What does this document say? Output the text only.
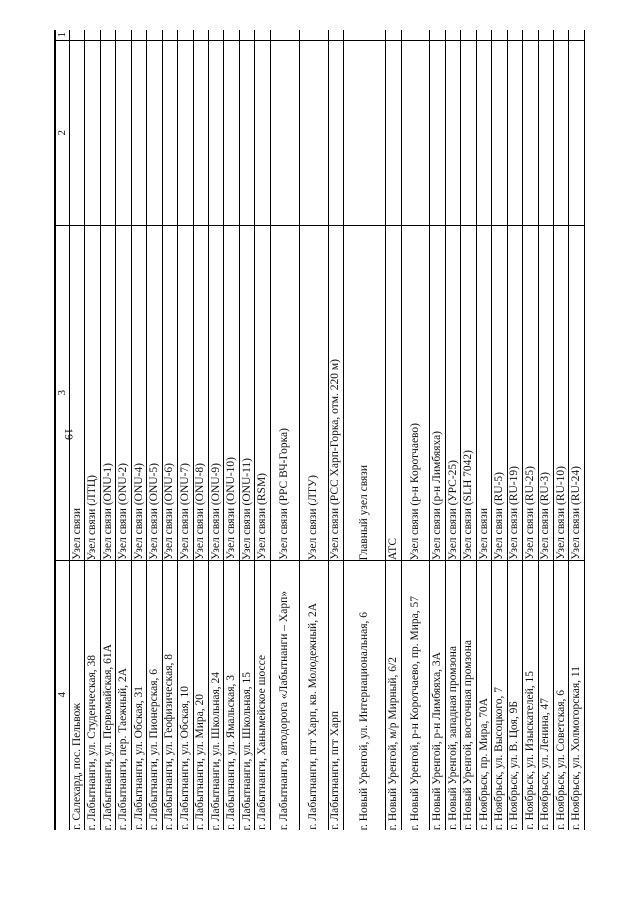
19
1
2
3
4
Узел связи
г. Салехард, пос. Пельвож
Узел связи (ЛТЦ)
г. Лабытнанги, ул. Студенческая, 38
Узел связи (ONU-1)
г. Лабытнанги, ул. Первомайская, 61А
Узел связи (ONU-2)
г. Лабытнанги, пер. Таежный, 2А
Узел связи (ONU-4)
г. Лабытнанги, ул. Обская, 31
Узел связи (ONU-5)
г. Лабытнанги, ул. Пионерская, 6
Узел связи (ONU-6)
г. Лабытнанги, ул. Геофизическая, 8
Узел связи (ONU-7)
г. Лабытнанги, ул. Обская, 10
Узел связи (ONU-8)
г. Лабытнанги, ул. Мира, 20
Узел связи (ONU-9)
г. Лабытнанги, ул. Школьная, 24
Узел связи (ONU-10)
г. Лабытнанги, ул. Ямальская, 3
Узел связи (ONU-11)
г. Лабытнанги, ул. Школьная, 15
Узел связи (RSM)
г. Лабытнанги, Ханымейское шоссе
Узел связи (РРС ВЧ-Горка)
г. Лабытнанги, автодорога «Лабытнанги – Харп»
Узел связи (ЛТУ)
г. Лабытнанги, пгт Харп, кв. Молодежный, 2А
Узел связи (РСС Харп-Горка, отм. 220 м)
г. Лабытнанги, пгт Харп
Главный узел связи
г. Новый Уренгой, ул. Интернациональная, 6
АТС
г. Новый Уренгой, м/р Мирный, 6/2
Узел связи (р-н Коротчаево)
г. Новый Уренгой, р-н Коротчаево, пр. Мира, 57
Узел связи (р-н Лимбяяха)
г. Новый Уренгой, р-н Лимбяяха, 3А
Узел связи (УРС-25)
г. Новый Уренгой, западная промзона
Узел связи (SLH 7042)
г. Новый Уренгой, восточная промзона
Узел связи
г. Ноябрьск, пр. Мира, 70А
Узел связи (RU-5)
г. Ноябрьск, ул. Высоцкого, 7
Узел связи (RU-19)
г. Ноябрьск, ул. В. Цоя, 9Б
Узел связи (RU-25)
г. Ноябрьск, ул. Изыскателей, 15
Узел связи (RU-3)
г. Ноябрьск, ул. Ленина, 47
Узел связи (RU-10)
г. Ноябрьск, ул. Советская, 6
Узел связи (RU-24)
г. Ноябрьск, ул. Холмогорская, 11
